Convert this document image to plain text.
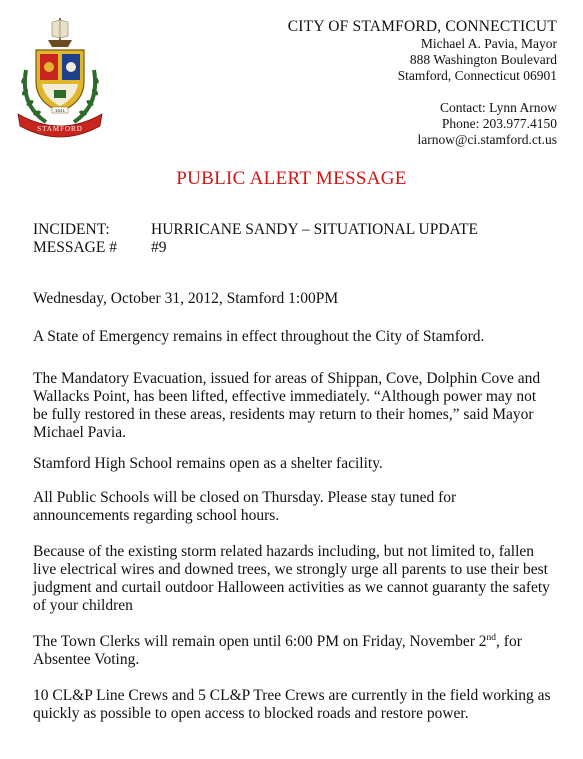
STAMFORD
1641
CITY OF STAMFORD, CONNECTICUT
Michael A. Pavia, Mayor
888 Washington Boulevard
Stamford, Connecticut 06901
Contact: Lynn Arnow
Phone: 203.977.4150
larnow@ci.stamford.ct.us
PUBLIC ALERT MESSAGE
INCIDENT:	HURRICANE SANDY – SITUATIONAL UPDATE
MESSAGE #	#9

Wednesday, October 31, 2012, Stamford 1:00PM

A State of Emergency remains in effect throughout the City of Stamford.

The Mandatory Evacuation, issued for areas of Shippan, Cove, Dolphin Cove and Wallacks Point, has been lifted, effective immediately. “Although power may not be fully restored in these areas, residents may return to their homes,” said Mayor Michael Pavia.

Stamford High School remains open as a shelter facility.

All Public Schools will be closed on Thursday. Please stay tuned for announcements regarding school hours.

Because of the existing storm related hazards including, but not limited to, fallen live electrical wires and downed trees, we strongly urge all parents to use their best judgment and curtail outdoor Halloween activities as we cannot guaranty the safety of your children

The Town Clerks will remain open until 6:00 PM on Friday, November 2nd, for Absentee Voting.

10 CL&P Line Crews and 5 CL&P Tree Crews are currently in the field working as quickly as possible to open access to blocked roads and restore power.
